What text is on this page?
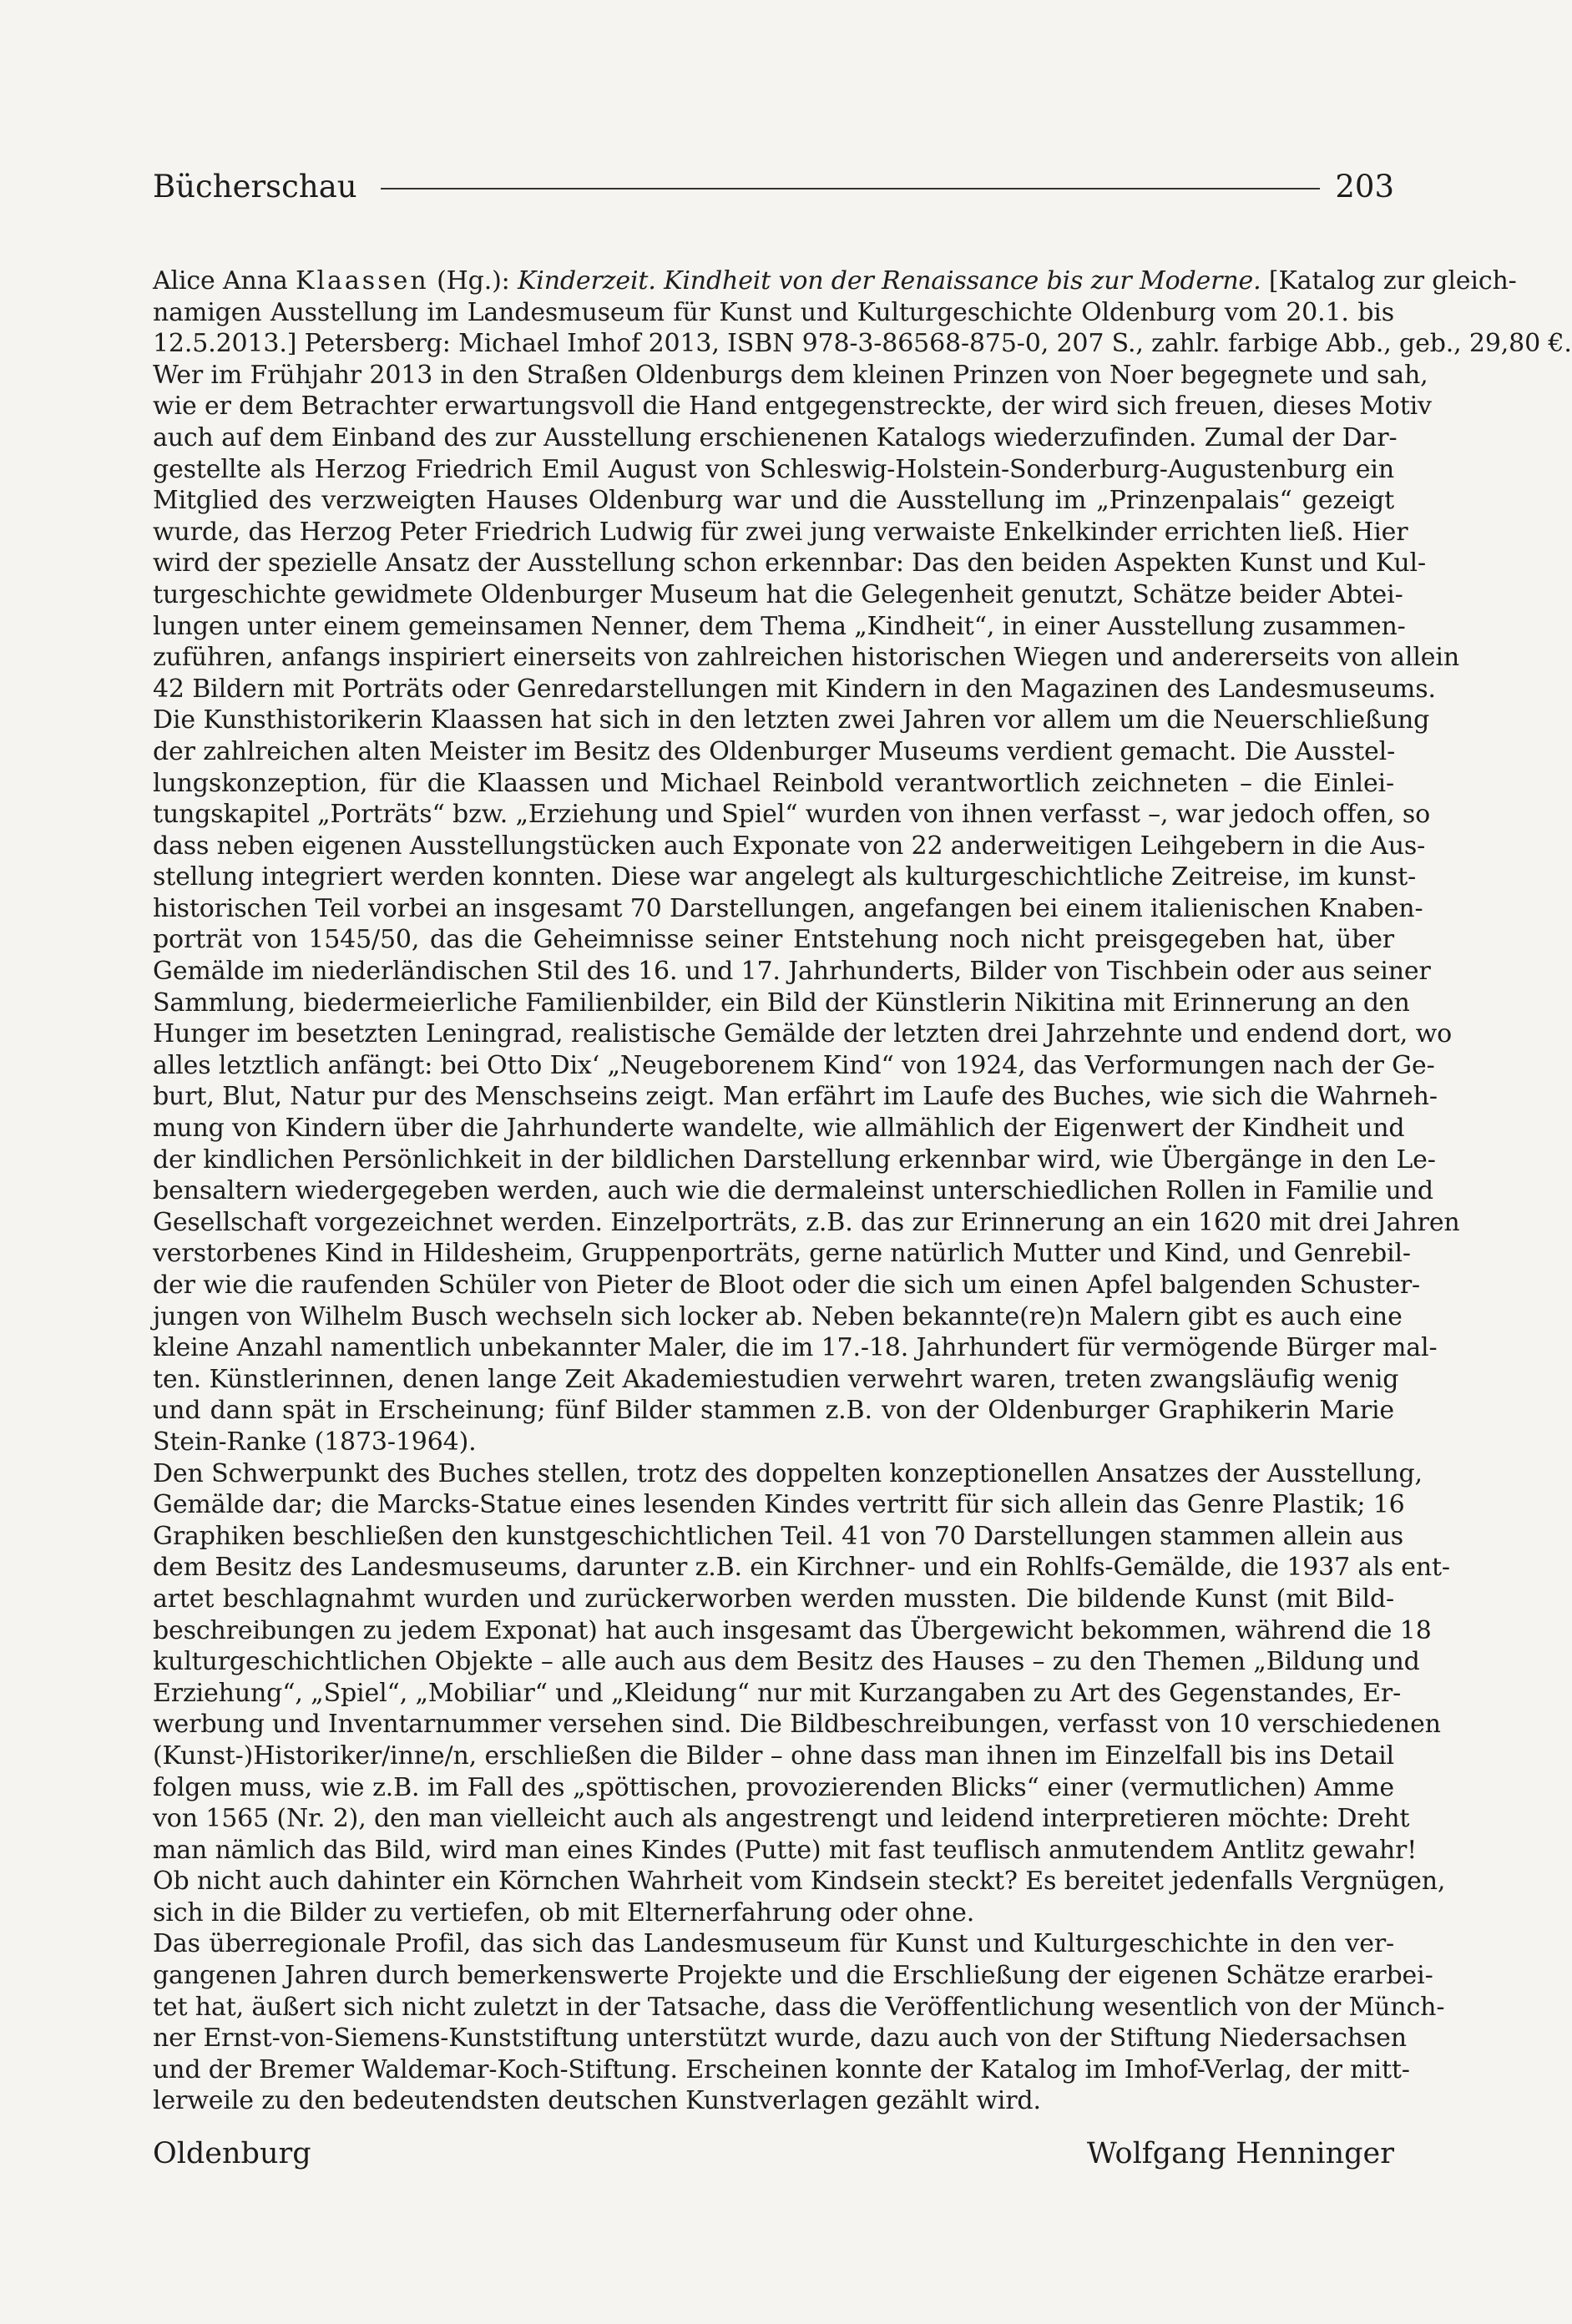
Bücherschau	203
Alice Anna Klaassen (Hg.): Kinderzeit. Kindheit von der Renaissance bis zur Moderne. [Katalog zur gleich-
namigen Ausstellung im Landesmuseum für Kunst und Kulturgeschichte Oldenburg vom 20.1. bis
12.5.2013.] Petersberg: Michael Imhof 2013, ISBN 978-3-86568-875-0, 207 S., zahlr. farbige Abb., geb., 29,80 €.
Wer im Frühjahr 2013 in den Straßen Oldenburgs dem kleinen Prinzen von Noer begegnete und sah,
wie er dem Betrachter erwartungsvoll die Hand entgegenstreckte, der wird sich freuen, dieses Motiv
auch auf dem Einband des zur Ausstellung erschienenen Katalogs wiederzufinden. Zumal der Dar-
gestellte als Herzog Friedrich Emil August von Schleswig-Holstein-Sonderburg-Augustenburg ein
Mitglied des verzweigten Hauses Oldenburg war und die Ausstellung im „Prinzenpalais“ gezeigt
wurde, das Herzog Peter Friedrich Ludwig für zwei jung verwaiste Enkelkinder errichten ließ. Hier
wird der spezielle Ansatz der Ausstellung schon erkennbar: Das den beiden Aspekten Kunst und Kul-
turgeschichte gewidmete Oldenburger Museum hat die Gelegenheit genutzt, Schätze beider Abtei-
lungen unter einem gemeinsamen Nenner, dem Thema „Kindheit“, in einer Ausstellung zusammen-
zuführen, anfangs inspiriert einerseits von zahlreichen historischen Wiegen und andererseits von allein
42 Bildern mit Porträts oder Genredarstellungen mit Kindern in den Magazinen des Landesmuseums.
Die Kunsthistorikerin Klaassen hat sich in den letzten zwei Jahren vor allem um die Neuerschließung
der zahlreichen alten Meister im Besitz des Oldenburger Museums verdient gemacht. Die Ausstel-
lungskonzeption, für die Klaassen und Michael Reinbold verantwortlich zeichneten – die Einlei-
tungskapitel „Porträts“ bzw. „Erziehung und Spiel“ wurden von ihnen verfasst –, war jedoch offen, so
dass neben eigenen Ausstellungstücken auch Exponate von 22 anderweitigen Leihgebern in die Aus-
stellung integriert werden konnten. Diese war angelegt als kulturgeschichtliche Zeitreise, im kunst-
historischen Teil vorbei an insgesamt 70 Darstellungen, angefangen bei einem italienischen Knaben-
porträt von 1545/50, das die Geheimnisse seiner Entstehung noch nicht preisgegeben hat, über
Gemälde im niederländischen Stil des 16. und 17. Jahrhunderts, Bilder von Tischbein oder aus seiner
Sammlung, biedermeierliche Familienbilder, ein Bild der Künstlerin Nikitina mit Erinnerung an den
Hunger im besetzten Leningrad, realistische Gemälde der letzten drei Jahrzehnte und endend dort, wo
alles letztlich anfängt: bei Otto Dix‘ „Neugeborenem Kind“ von 1924, das Verformungen nach der Ge-
burt, Blut, Natur pur des Menschseins zeigt. Man erfährt im Laufe des Buches, wie sich die Wahrneh-
mung von Kindern über die Jahrhunderte wandelte, wie allmählich der Eigenwert der Kindheit und
der kindlichen Persönlichkeit in der bildlichen Darstellung erkennbar wird, wie Übergänge in den Le-
bensaltern wiedergegeben werden, auch wie die dermaleinst unterschiedlichen Rollen in Familie und
Gesellschaft vorgezeichnet werden. Einzelporträts, z.B. das zur Erinnerung an ein 1620 mit drei Jahren
verstorbenes Kind in Hildesheim, Gruppenporträts, gerne natürlich Mutter und Kind, und Genrebil-
der wie die raufenden Schüler von Pieter de Bloot oder die sich um einen Apfel balgenden Schuster-
jungen von Wilhelm Busch wechseln sich locker ab. Neben bekannte(re)n Malern gibt es auch eine
kleine Anzahl namentlich unbekannter Maler, die im 17.-18. Jahrhundert für vermögende Bürger mal-
ten. Künstlerinnen, denen lange Zeit Akademiestudien verwehrt waren, treten zwangsläufig wenig
und dann spät in Erscheinung; fünf Bilder stammen z.B. von der Oldenburger Graphikerin Marie
Stein-Ranke (1873-1964).
Den Schwerpunkt des Buches stellen, trotz des doppelten konzeptionellen Ansatzes der Ausstellung,
Gemälde dar; die Marcks-Statue eines lesenden Kindes vertritt für sich allein das Genre Plastik; 16
Graphiken beschließen den kunstgeschichtlichen Teil. 41 von 70 Darstellungen stammen allein aus
dem Besitz des Landesmuseums, darunter z.B. ein Kirchner- und ein Rohlfs-Gemälde, die 1937 als ent-
artet beschlagnahmt wurden und zurückerworben werden mussten. Die bildende Kunst (mit Bild-
beschreibungen zu jedem Exponat) hat auch insgesamt das Übergewicht bekommen, während die 18
kulturgeschichtlichen Objekte – alle auch aus dem Besitz des Hauses – zu den Themen „Bildung und
Erziehung“, „Spiel“, „Mobiliar“ und „Kleidung“ nur mit Kurzangaben zu Art des Gegenstandes, Er-
werbung und Inventarnummer versehen sind. Die Bildbeschreibungen, verfasst von 10 verschiedenen
(Kunst-)Historiker/inne/n, erschließen die Bilder – ohne dass man ihnen im Einzelfall bis ins Detail
folgen muss, wie z.B. im Fall des „spöttischen, provozierenden Blicks“ einer (vermutlichen) Amme
von 1565 (Nr. 2), den man vielleicht auch als angestrengt und leidend interpretieren möchte: Dreht
man nämlich das Bild, wird man eines Kindes (Putte) mit fast teuflisch anmutendem Antlitz gewahr!
Ob nicht auch dahinter ein Körnchen Wahrheit vom Kindsein steckt? Es bereitet jedenfalls Vergnügen,
sich in die Bilder zu vertiefen, ob mit Elternerfahrung oder ohne.
Das überregionale Profil, das sich das Landesmuseum für Kunst und Kulturgeschichte in den ver-
gangenen Jahren durch bemerkenswerte Projekte und die Erschließung der eigenen Schätze erarbei-
tet hat, äußert sich nicht zuletzt in der Tatsache, dass die Veröffentlichung wesentlich von der Münch-
ner Ernst-von-Siemens-Kunststiftung unterstützt wurde, dazu auch von der Stiftung Niedersachsen
und der Bremer Waldemar-Koch-Stiftung. Erscheinen konnte der Katalog im Imhof-Verlag, der mitt-
lerweile zu den bedeutendsten deutschen Kunstverlagen gezählt wird.
Oldenburg	Wolfgang Henninger
